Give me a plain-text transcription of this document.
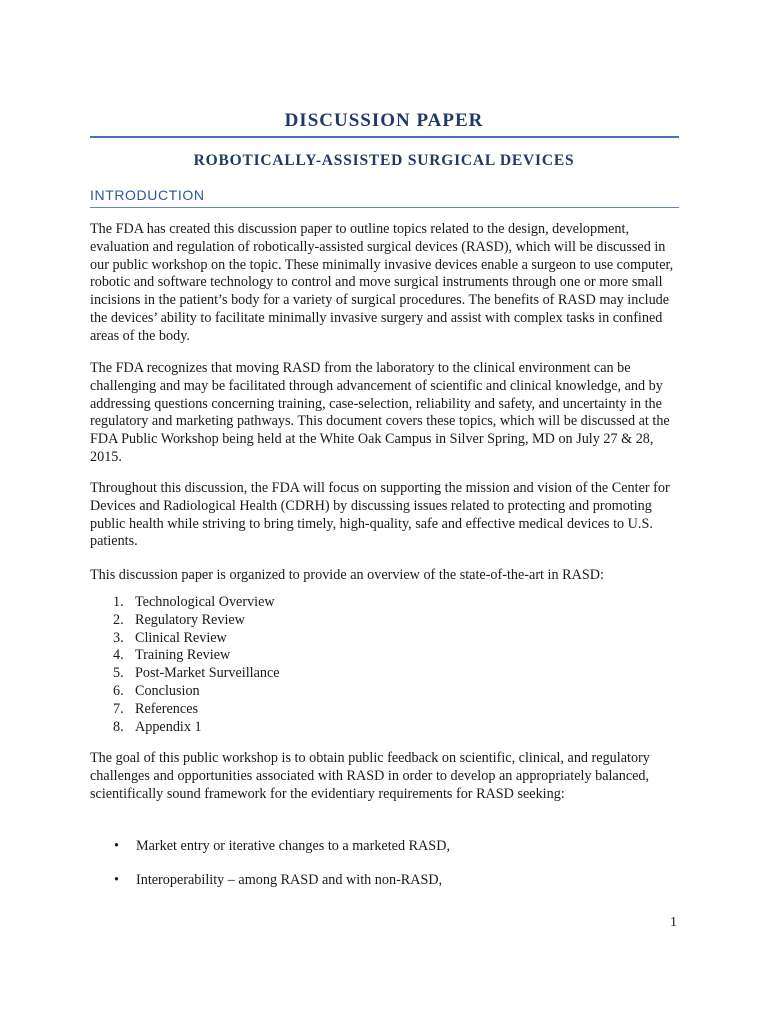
DISCUSSION PAPER
ROBOTICALLY-ASSISTED SURGICAL DEVICES
INTRODUCTION
The FDA has created this discussion paper to outline topics related to the design, development, evaluation and regulation of robotically-assisted surgical devices (RASD), which will be discussed in our public workshop on the topic. These minimally invasive devices enable a surgeon to use computer, robotic and software technology to control and move surgical instruments through one or more small incisions in the patient’s body for a variety of surgical procedures. The benefits of RASD may include the devices’ ability to facilitate minimally invasive surgery and assist with complex tasks in confined areas of the body.
The FDA recognizes that moving RASD from the laboratory to the clinical environment can be challenging and may be facilitated through advancement of scientific and clinical knowledge, and by addressing questions concerning training, case-selection, reliability and safety, and uncertainty in the regulatory and marketing pathways. This document covers these topics, which will be discussed at the FDA Public Workshop being held at the White Oak Campus in Silver Spring, MD on July 27 & 28, 2015.
Throughout this discussion, the FDA will focus on supporting the mission and vision of the Center for Devices and Radiological Health (CDRH) by discussing issues related to protecting and promoting public health while striving to bring timely, high-quality, safe and effective medical devices to U.S. patients.
This discussion paper is organized to provide an overview of the state-of-the-art in RASD:
1. Technological Overview
2. Regulatory Review
3. Clinical Review
4. Training Review
5. Post-Market Surveillance
6. Conclusion
7. References
8. Appendix 1
The goal of this public workshop is to obtain public feedback on scientific, clinical, and regulatory challenges and opportunities associated with RASD in order to develop an appropriately balanced, scientifically sound framework for the evidentiary requirements for RASD seeking:
• Market entry or iterative changes to a marketed RASD,
• Interoperability – among RASD and with non-RASD,
1
